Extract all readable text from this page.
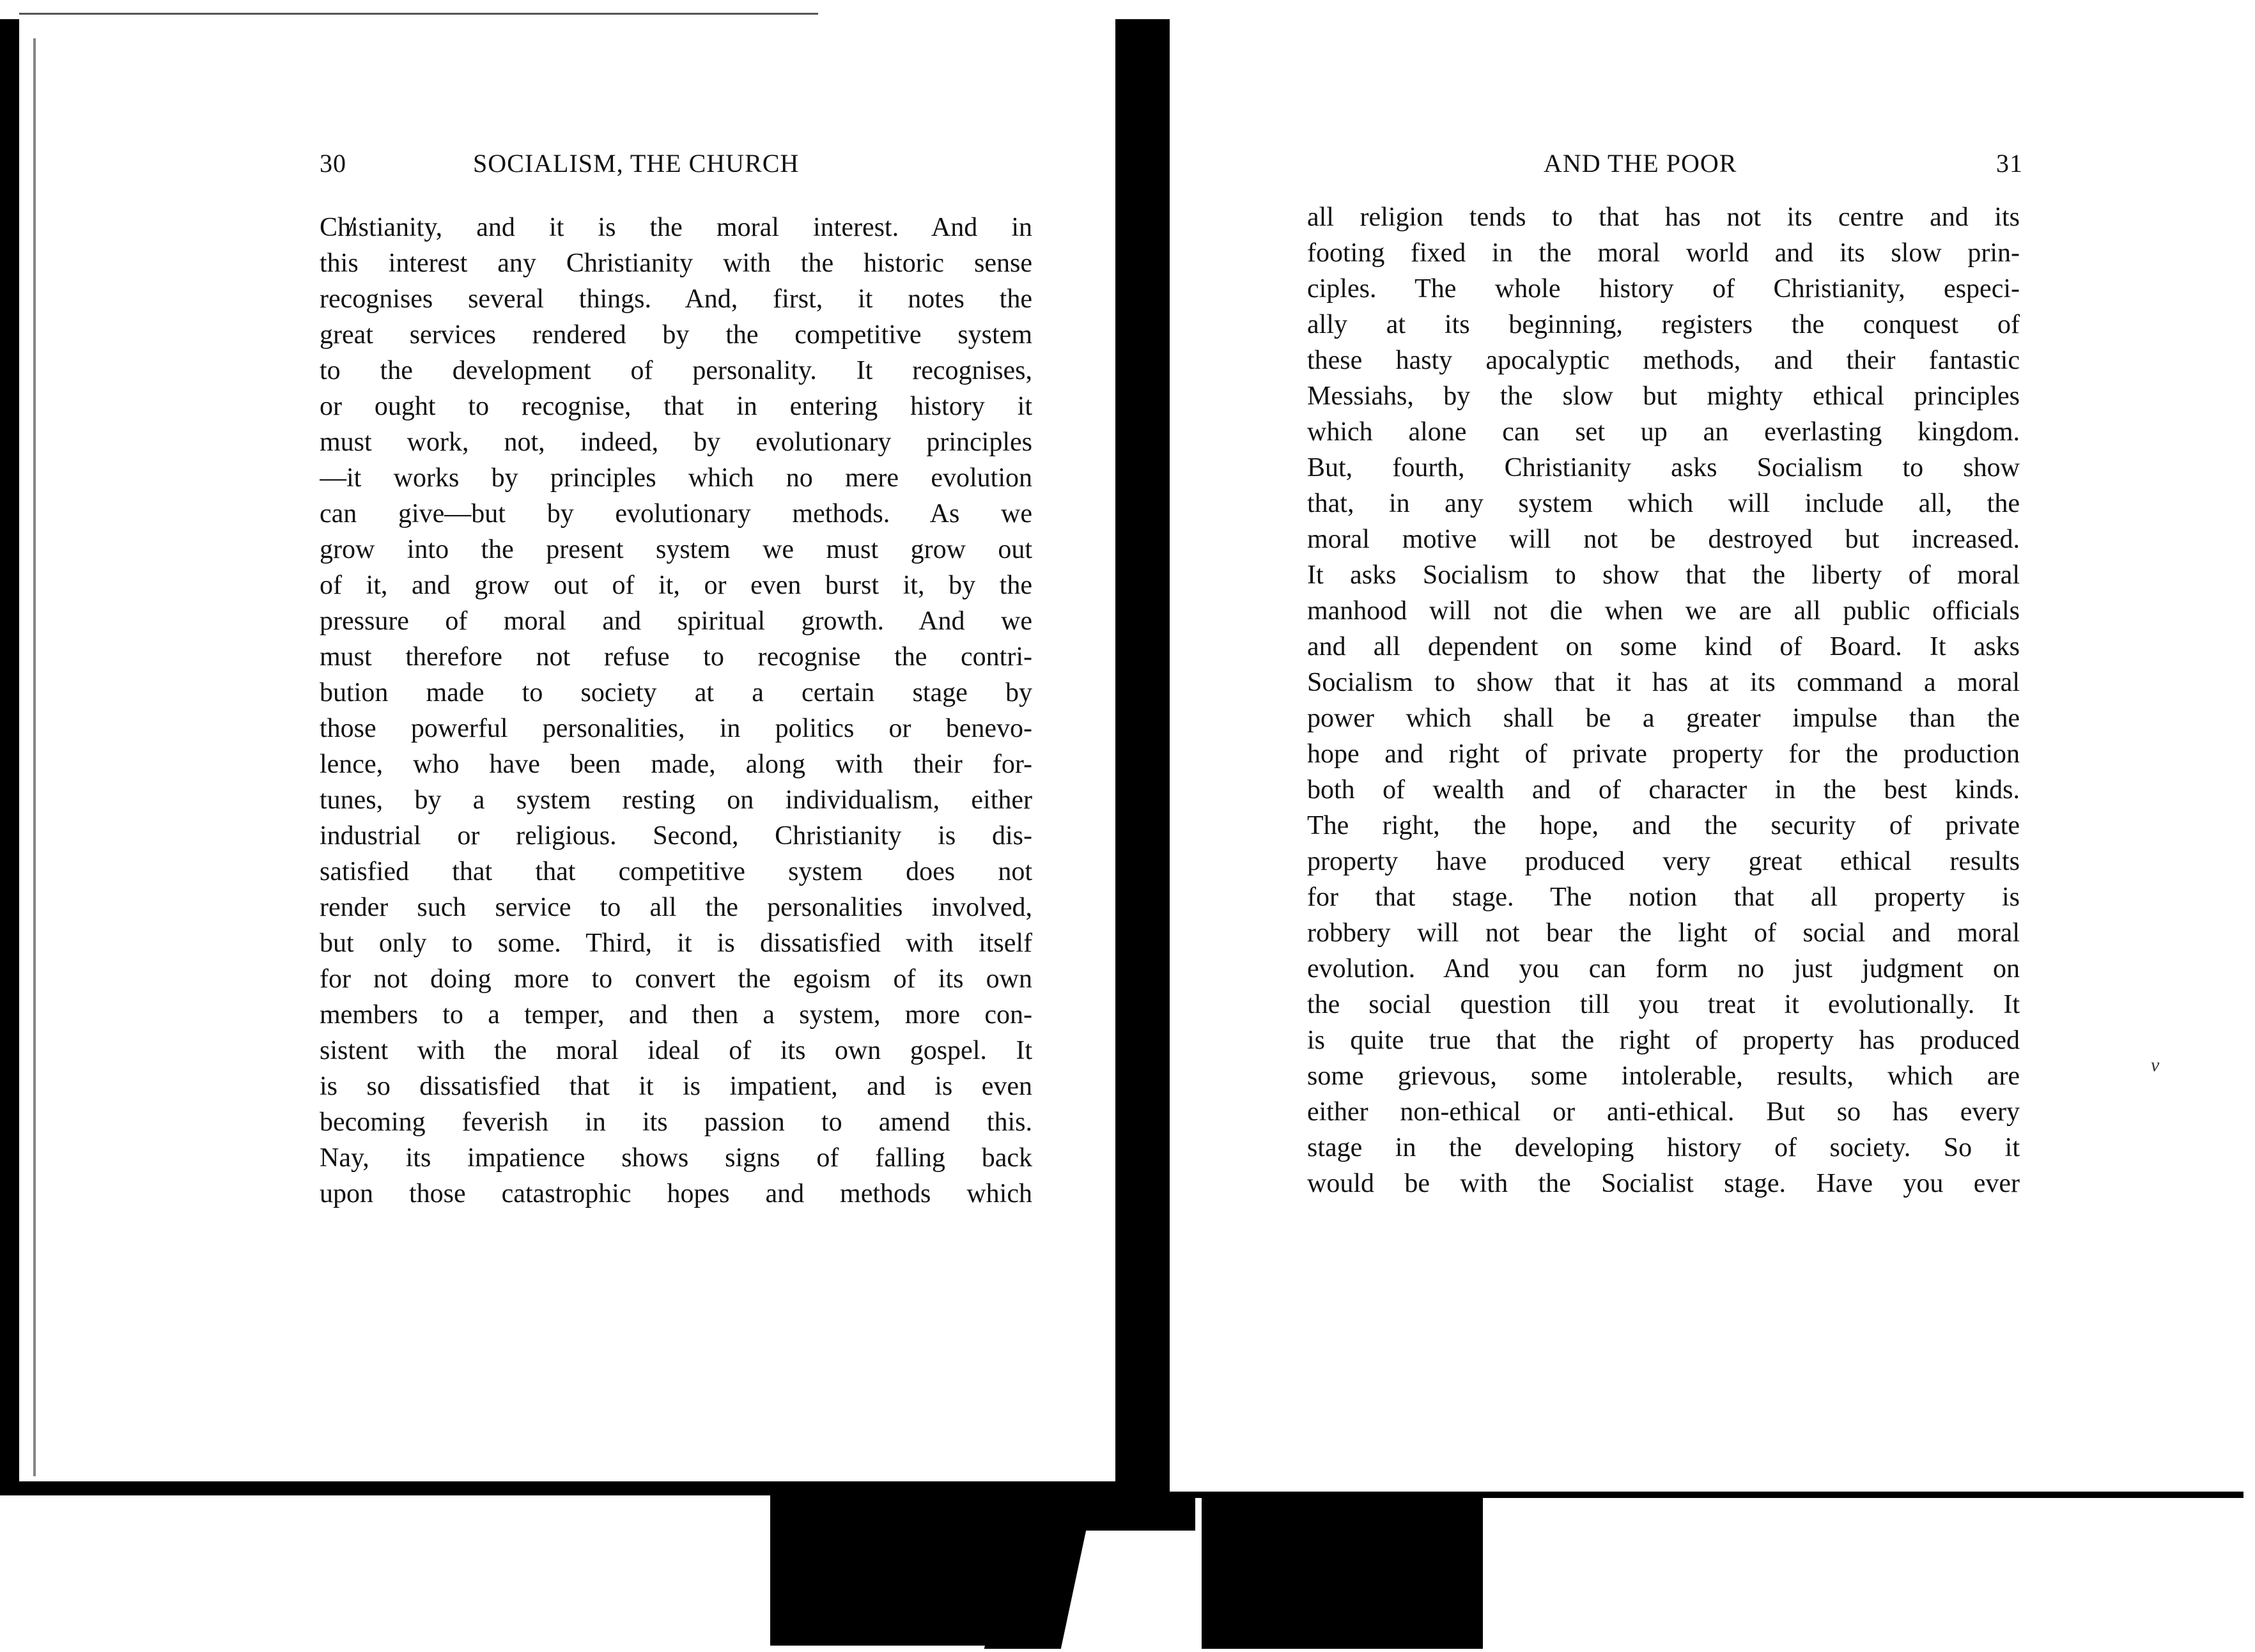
30	SOCIALISM, THE CHURCH
Ch̸istianity, and it is the moral interest. And in
this interest any Christianity with the historic sense
recognises several things. And, first, it notes the
great services rendered by the competitive system
to the development of personality. It recognises,
or ought to recognise, that in entering history it
must work, not, indeed, by evolutionary principles
—it works by principles which no mere evolution
can give—but by evolutionary methods. As we
grow into the present system we must grow out
of it, and grow out of it, or even burst it, by the
pressure of moral and spiritual growth. And we
must therefore not refuse to recognise the contri-
bution made to society at a certain stage by
those powerful personalities, in politics or benevo-
lence, who have been made, along with their for-
tunes, by a system resting on individualism, either
industrial or religious. Second, Christianity is dis-
satisfied that that competitive system does not
render such service to all the personalities involved,
but only to some. Third, it is dissatisfied with itself
for not doing more to convert the egoism of its own
members to a temper, and then a system, more con-
sistent with the moral ideal of its own gospel. It
is so dissatisfied that it is impatient, and is even
becoming feverish in its passion to amend this.
Nay, its impatience shows signs of falling back
upon those catastrophic hopes and methods which
AND THE POOR	31
all religion tends to that has not its centre and its
footing fixed in the moral world and its slow prin-
ciples. The whole history of Christianity, especi-
ally at its beginning, registers the conquest of
these hasty apocalyptic methods, and their fantastic
Messiahs, by the slow but mighty ethical principles
which alone can set up an everlasting kingdom.
But, fourth, Christianity asks Socialism to show
that, in any system which will include all, the
moral motive will not be destroyed but increased.
It asks Socialism to show that the liberty of moral
manhood will not die when we are all public officials
and all dependent on some kind of Board. It asks
Socialism to show that it has at its command a moral
power which shall be a greater impulse than the
hope and right of private property for the production
both of wealth and of character in the best kinds.
The right, the hope, and the security of private
property have produced very great ethical results
for that stage. The notion that all property is
robbery will not bear the light of social and moral
evolution. And you can form no just judgment on
the social question till you treat it evolutionally. It
is quite true that the right of property has produced
some grievous, some intolerable, results, which are
either non-ethical or anti-ethical. But so has every
stage in the developing history of society. So it
would be with the Socialist stage. Have you ever
v
